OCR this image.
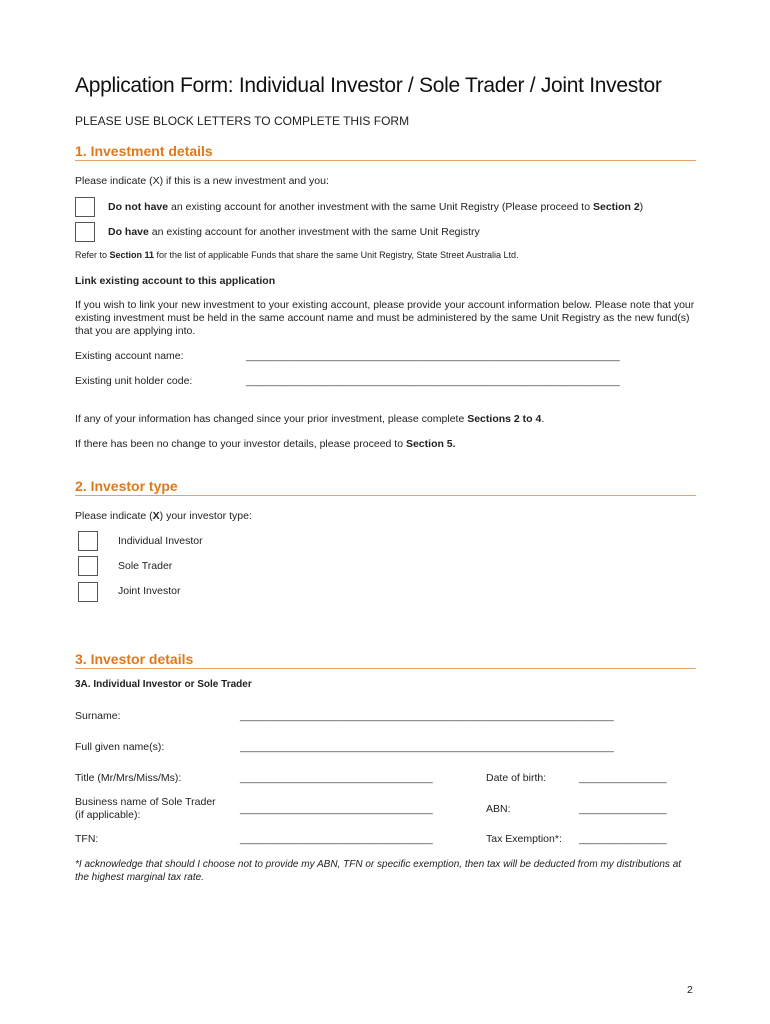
Application Form: Individual Investor / Sole Trader / Joint Investor
PLEASE USE BLOCK LETTERS TO COMPLETE THIS FORM
1. Investment details
Please indicate (X) if this is a new investment and you:
Do not have an existing account for another investment with the same Unit Registry (Please proceed to Section 2)
Do have an existing account for another investment with the same Unit Registry
Refer to Section 11 for the list of applicable Funds that share the same Unit Registry, State Street Australia Ltd.
Link existing account to this application
If you wish to link your new investment to your existing account, please provide your account information below. Please note that your existing investment must be held in the same account name and must be administered by the same Unit Registry as the new fund(s) that you are applying into.
Existing account name:	________________________________________________________________
Existing unit holder code:	________________________________________________________________
If any of your information has changed since your prior investment, please complete Sections 2 to 4.
If there has been no change to your investor details, please proceed to Section 5.
2. Investor type
Please indicate (X) your investor type:
Individual Investor
Sole Trader
Joint Investor
3. Investor details
3A. Individual Investor or Sole Trader
Surname:	________________________________________________________________
Full given name(s):	________________________________________________________________
Title (Mr/Mrs/Miss/Ms):	_________________________________	Date of birth:	_______________
Business name of Sole Trader
(if applicable):	_________________________________	ABN:	_______________
TFN:	_________________________________	Tax Exemption*: _______________
*I acknowledge that should I choose not to provide my ABN, TFN or specific exemption, then tax will be deducted from my distributions at the highest marginal tax rate.
2
